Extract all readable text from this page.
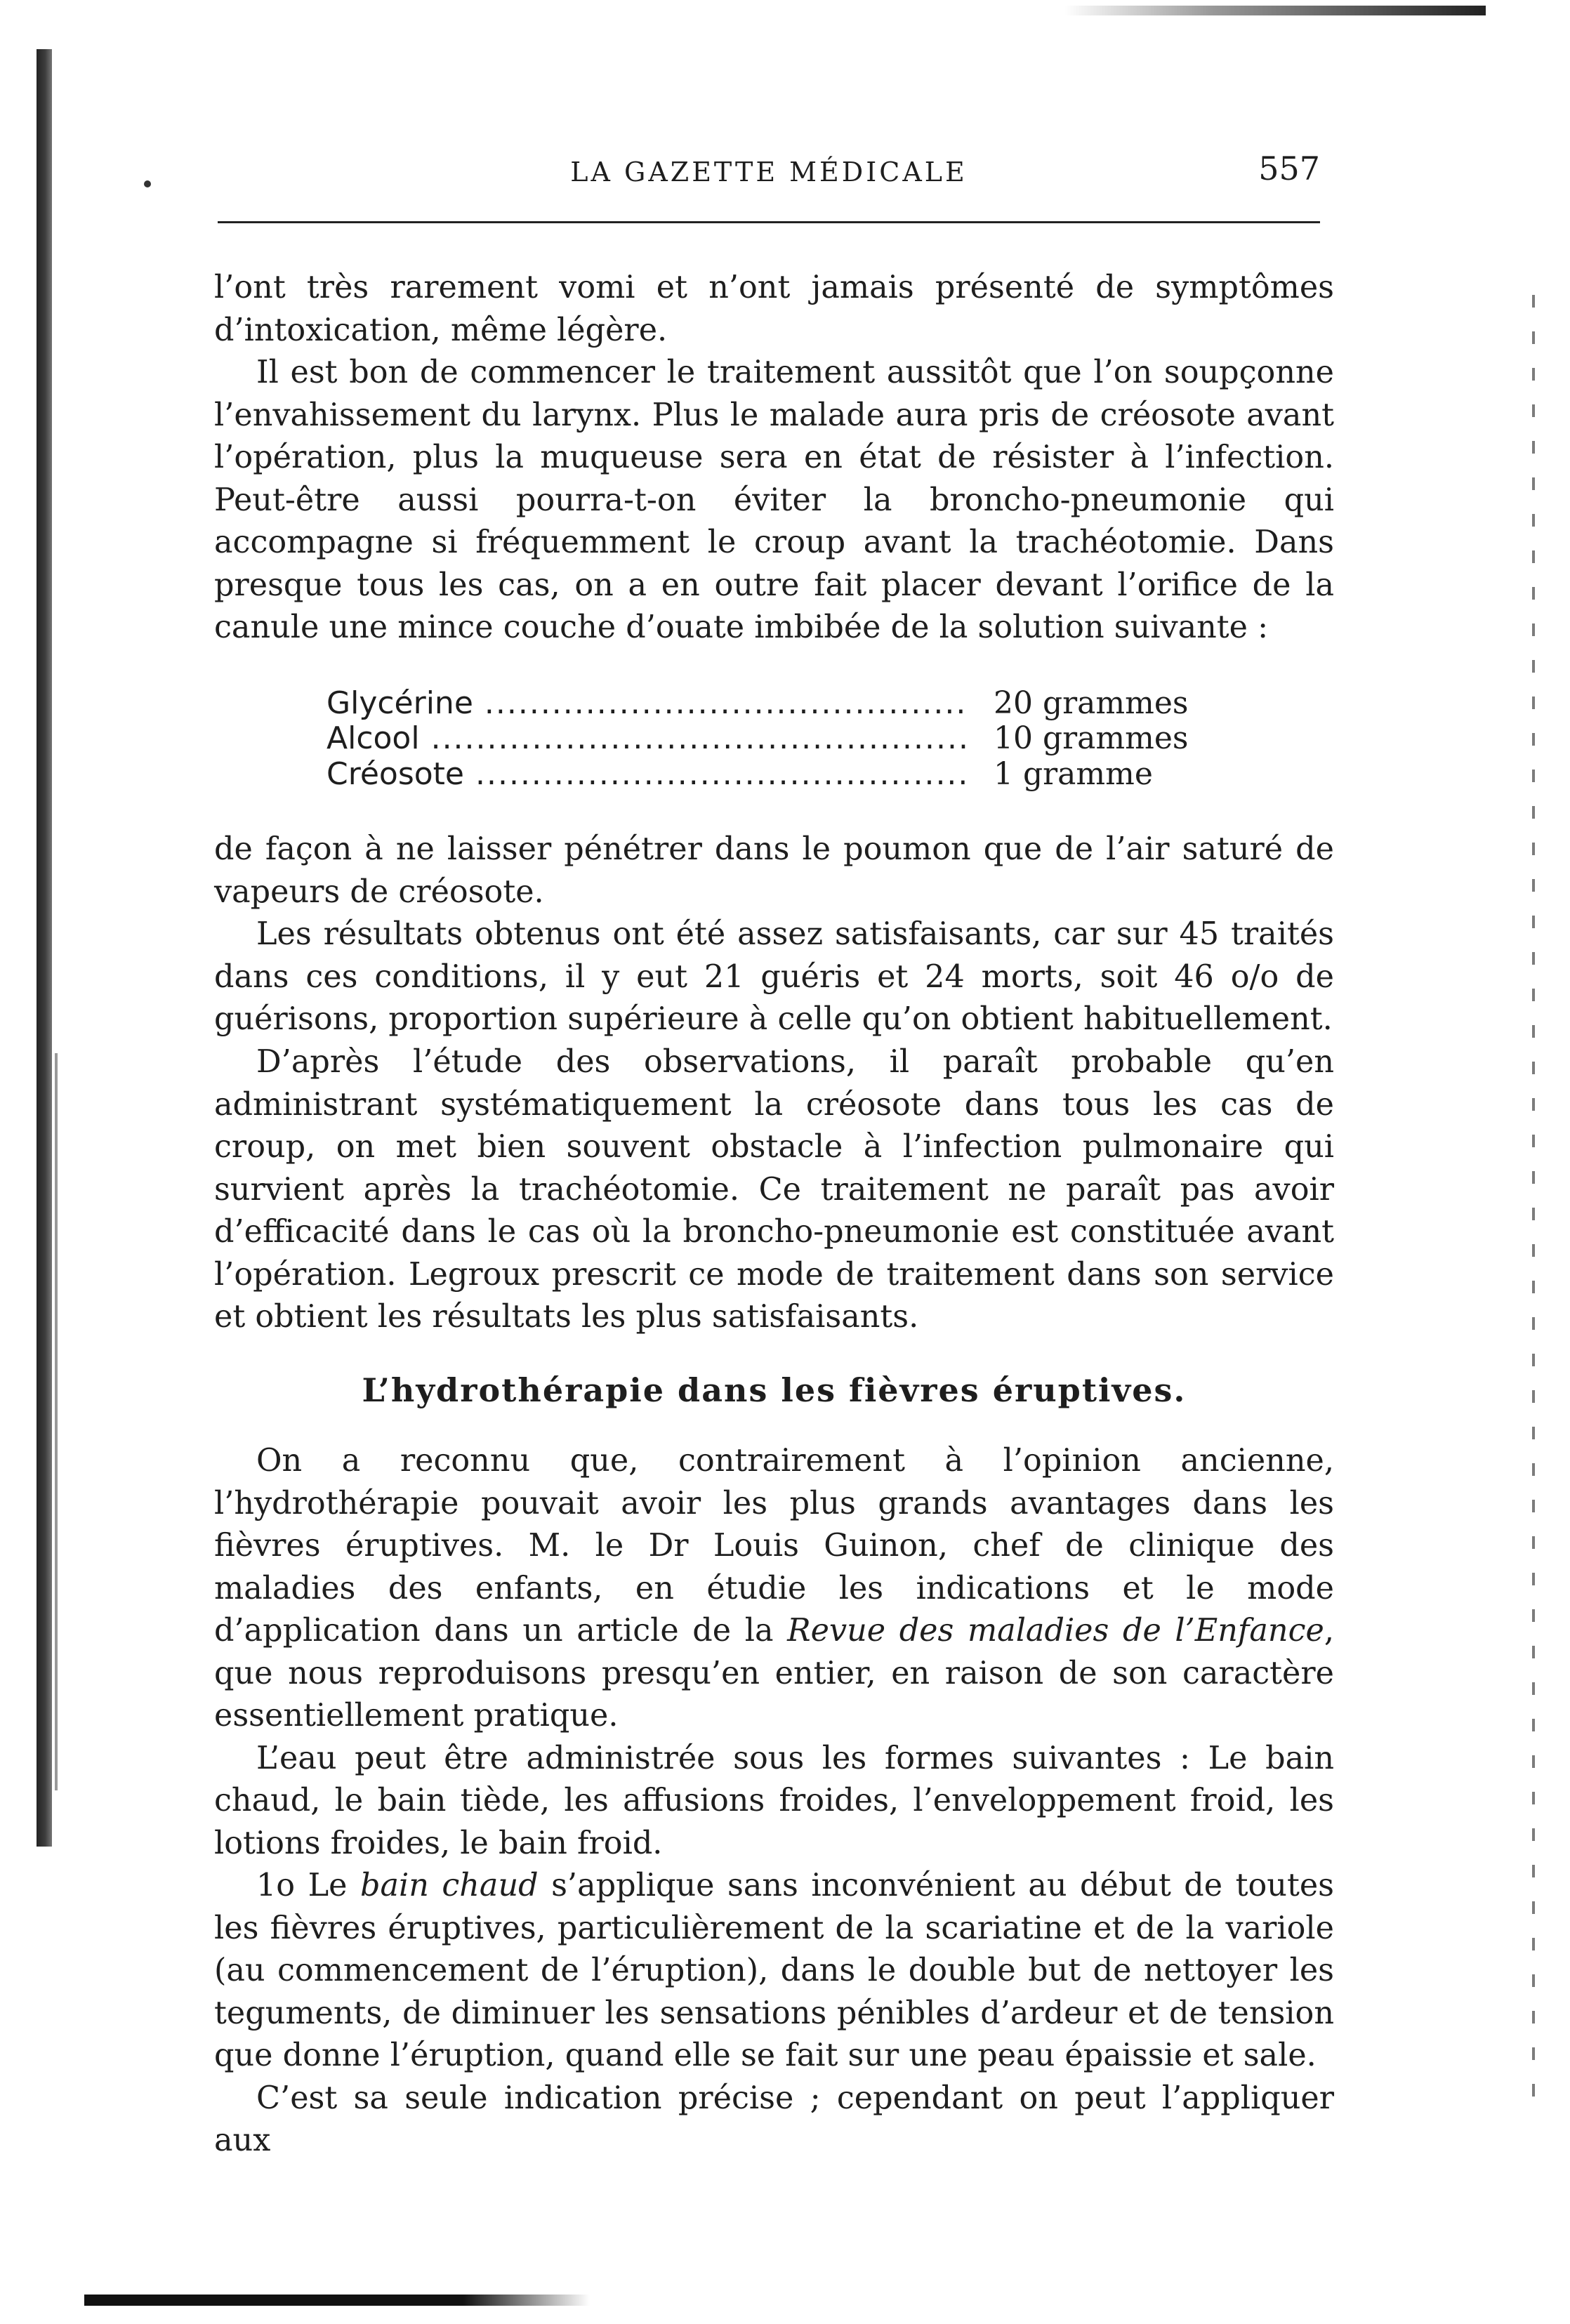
LA GAZETTE MÉDICALE	557

l’ont très rarement vomi et n’ont jamais présenté de symptômes d’intoxication, même légère.

Il est bon de commencer le traitement aussitôt que l’on soupçonne l’envahissement du larynx. Plus le malade aura pris de créosote avant l’opération, plus la muqueuse sera en état de résister à l’infection. Peut-être aussi pourra-t-on éviter la broncho-pneumonie qui accompagne si fréquemment le croup avant la trachéotomie. Dans presque tous les cas, on a en outre fait placer devant l’orifice de la canule une mince couche d’ouate imbibée de la solution suivante :

Glycérine .....	20 grammes
Alcool .....	10 grammes
Créosote .....	1 gramme

de façon à ne laisser pénétrer dans le poumon que de l’air saturé de vapeurs de créosote.

Les résultats obtenus ont été assez satisfaisants, car sur 45 traités dans ces conditions, il y eut 21 guéris et 24 morts, soit 46 o/o de guérisons, proportion supérieure à celle qu’on obtient habituellement.

D’après l’étude des observations, il paraît probable qu’en administrant systématiquement la créosote dans tous les cas de croup, on met bien souvent obstacle à l’infection pulmonaire qui survient après la trachéotomie. Ce traitement ne paraît pas avoir d’efficacité dans le cas où la broncho-pneumonie est constituée avant l’opération. Legroux prescrit ce mode de traitement dans son service et obtient les résultats les plus satisfaisants.

L’hydrothérapie dans les fièvres éruptives.

On a reconnu que, contrairement à l’opinion ancienne, l’hydrothérapie pouvait avoir les plus grands avantages dans les fièvres éruptives. M. le Dr Louis Guinon, chef de clinique des maladies des enfants, en étudie les indications et le mode d’application dans un article de la Revue des maladies de l’Enfance, que nous reproduisons presqu’en entier, en raison de son caractère essentiellement pratique.

L’eau peut être administrée sous les formes suivantes : Le bain chaud, le bain tiède, les affusions froides, l’enveloppement froid, les lotions froides, le bain froid.

1o Le bain chaud s’applique sans inconvénient au début de toutes les fièvres éruptives, particulièrement de la scariatine et de la variole (au commencement de l’éruption), dans le double but de nettoyer les teguments, de diminuer les sensations pénibles d’ardeur et de tension que donne l’éruption, quand elle se fait sur une peau épaissie et sale.

C’est sa seule indication précise ; cependant on peut l’appliquer aux
